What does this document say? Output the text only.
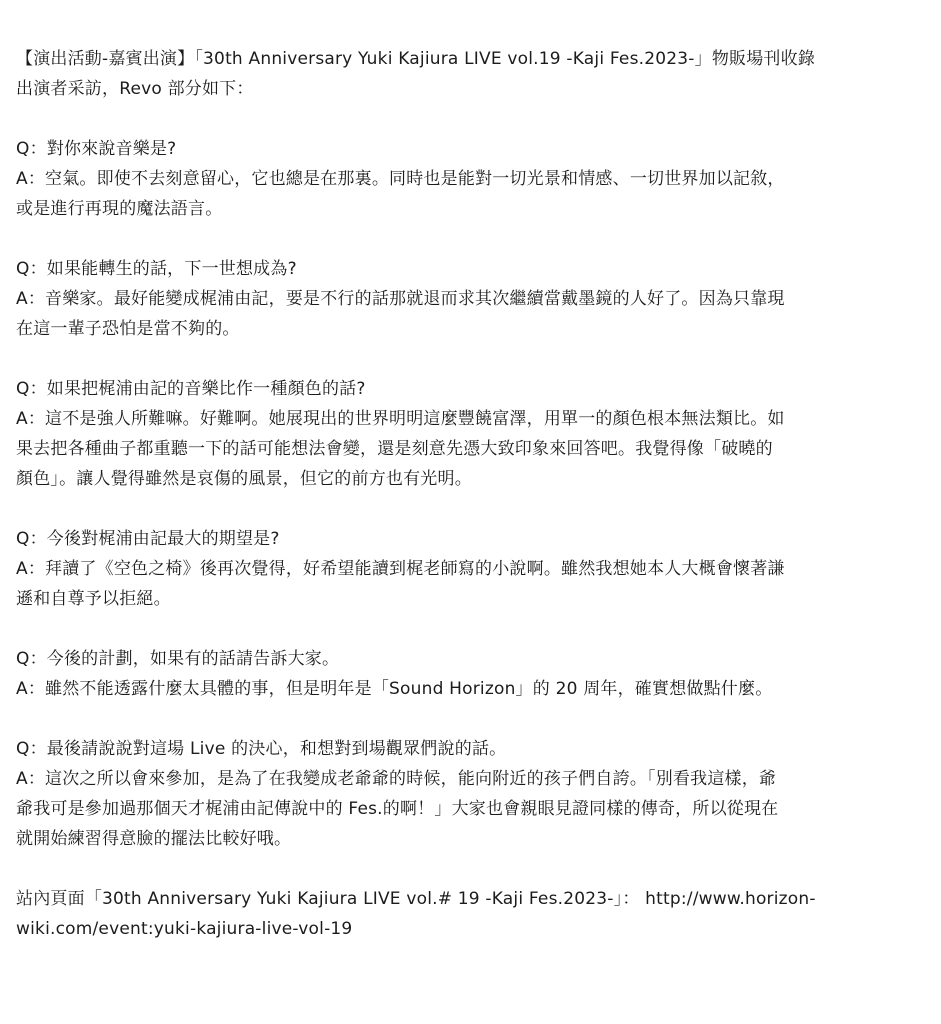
【演出活動-嘉賓出演】「30th Anniversary Yuki Kajiura LIVE vol.19 -Kaji Fes.2023-」物販場刊收錄
出演者采訪，Revo 部分如下：

Q：對你來說音樂是?
A：空氣。即使不去刻意留心，它也總是在那裏。同時也是能對一切光景和情感、一切世界加以記敘，
或是進行再現的魔法語言。

Q：如果能轉生的話，下一世想成為?
A：音樂家。最好能變成梶浦由記，要是不行的話那就退而求其次繼續當戴墨鏡的人好了。因為只靠現
在這一輩子恐怕是當不夠的。

Q：如果把梶浦由記的音樂比作一種顏色的話?
A：這不是強人所難嘛。好難啊。她展現出的世界明明這麼豐饒富澤，用單一的顏色根本無法類比。如
果去把各種曲子都重聽一下的話可能想法會變，還是刻意先憑大致印象來回答吧。我覺得像「破曉的
顏色」。讓人覺得雖然是哀傷的風景，但它的前方也有光明。

Q：今後對梶浦由記最大的期望是?
A：拜讀了《空色之椅》後再次覺得，好希望能讀到梶老師寫的小說啊。雖然我想她本人大概會懷著謙
遜和自尊予以拒絕。

Q：今後的計劃，如果有的話請告訴大家。
A：雖然不能透露什麼太具體的事，但是明年是「Sound Horizon」的 20 周年，確實想做點什麼。

Q：最後請說說對這場 Live 的決心，和想對到場觀眾們說的話。
A：這次之所以會來參加，是為了在我變成老爺爺的時候，能向附近的孩子們自誇。「別看我這樣，爺
爺我可是參加過那個天才梶浦由記傳說中的 Fes.的啊！」大家也會親眼見證同樣的傳奇，所以從現在
就開始練習得意臉的擺法比較好哦。

站內頁面「30th Anniversary Yuki Kajiura LIVE vol.# 19 -Kaji Fes.2023-」： http://www.horizon-
wiki.com/event:yuki-kajiura-live-vol-19
